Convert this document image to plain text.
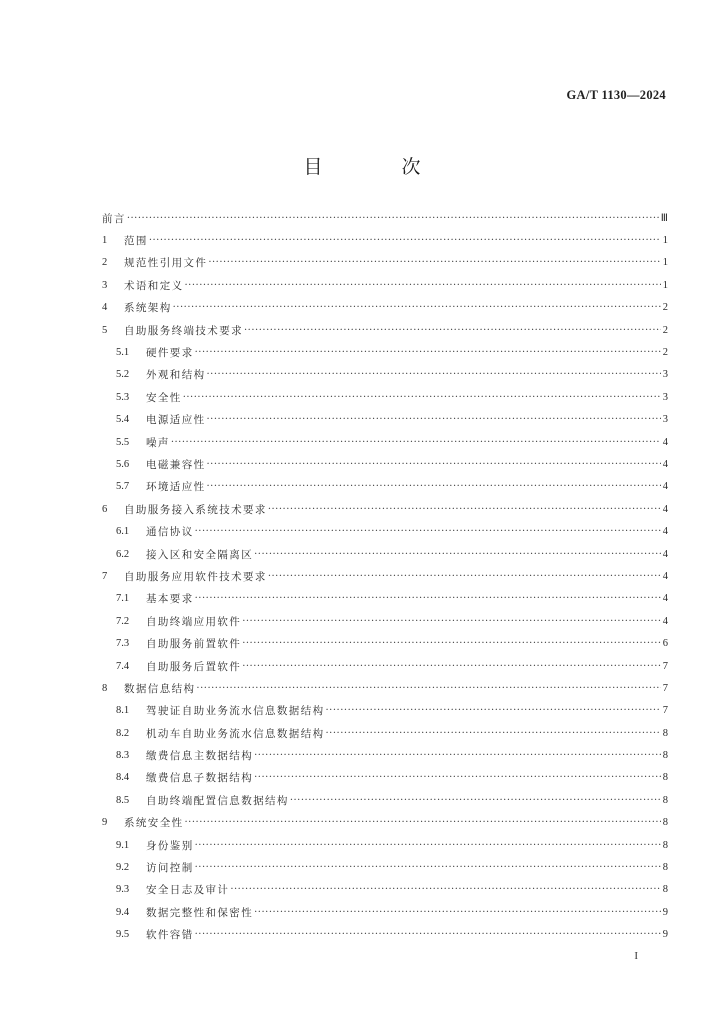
GA/T 1130—2024
目　次
前言 ·····	Ⅲ
1	范围 ·····	1
2	规范性引用文件 ·····	1
3	术语和定义 ·····	1
4	系统架构 ·····	2
5	自助服务终端技术要求 ·····	2
5.1	硬件要求 ·····	2
5.2	外观和结构 ·····	3
5.3	安全性 ·····	3
5.4	电源适应性 ·····	3
5.5	噪声 ·····	4
5.6	电磁兼容性 ·····	4
5.7	环境适应性 ·····	4
6	自助服务接入系统技术要求 ·····	4
6.1	通信协议 ·····	4
6.2	接入区和安全隔离区 ·····	4
7	自助服务应用软件技术要求 ·····	4
7.1	基本要求 ·····	4
7.2	自助终端应用软件 ·····	4
7.3	自助服务前置软件 ·····	6
7.4	自助服务后置软件 ·····	7
8	数据信息结构 ·····	7
8.1	驾驶证自助业务流水信息数据结构 ·····	7
8.2	机动车自助业务流水信息数据结构 ·····	8
8.3	缴费信息主数据结构 ·····	8
8.4	缴费信息子数据结构 ·····	8
8.5	自助终端配置信息数据结构 ·····	8
9	系统安全性 ·····	8
9.1	身份鉴别 ·····	8
9.2	访问控制 ·····	8
9.3	安全日志及审计 ·····	8
9.4	数据完整性和保密性 ·····	9
9.5	软件容错 ·····	9
I
